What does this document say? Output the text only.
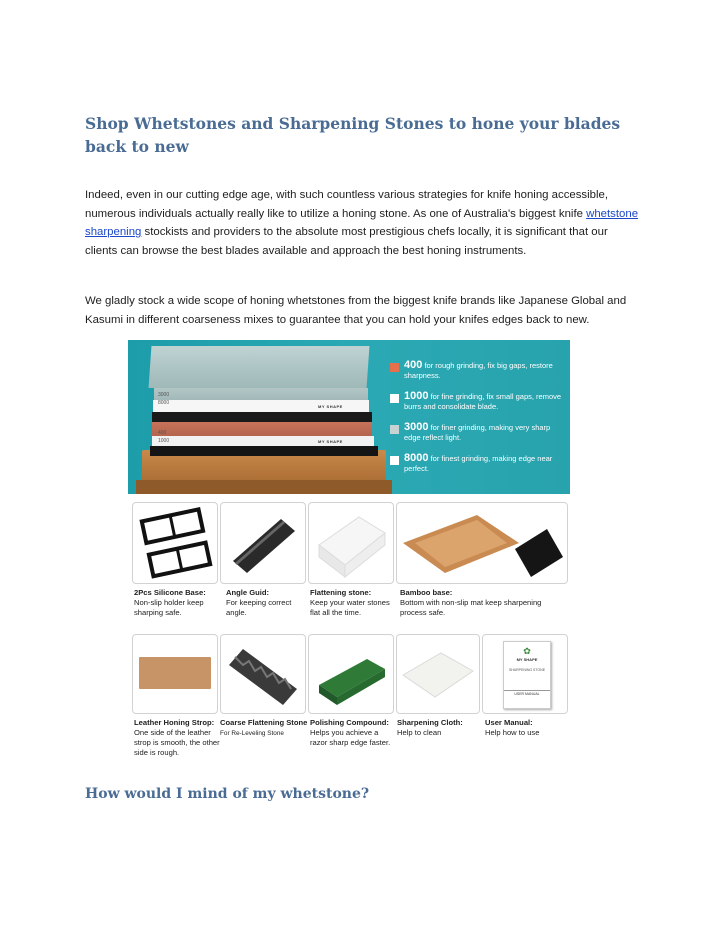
Shop Whetstones and Sharpening Stones to hone your blades back to new

Indeed, even in our cutting edge age, with such countless various strategies for knife honing accessible, numerous individuals actually really like to utilize a honing stone. As one of Australia's biggest knife whetstone sharpening stockists and providers to the absolute most prestigious chefs locally, it is significant that our clients can browse the best blades available and approach the best honing instruments.

We gladly stock a wide scope of honing whetstones from the biggest knife brands like Japanese Global and Kasumi in different coarseness mixes to guarantee that you can hold your knifes edges back to new.

3000
8000
MY SHAPE
400
1000	MY SHAPE
400 for rough grinding, fix big gaps, restore sharpness.
1000 for fine grinding, fix small gaps, remove burrs and consolidate blade.
3000 for finer grinding, making very sharp edge reflect light.
8000 for finest grinding, making edge near perfect.
2Pcs Silicone Base:
Non-slip holder keep sharping safe.
Angle Guid:
For keeping correct angle.
Flattening stone:
Keep your water stones flat all the time.
Bamboo base:
Bottom with non-slip mat keep sharpening process safe.
✿
MY SHAPE
SHARPENING STONE
USER MANUAL
Leather Honing Strop:
One side of the leather strop is smooth, the other side is rough.
Coarse Flattening Stone
For Re-Leveling Stone
Polishing Compound:
Helps you achieve a razor sharp edge faster.
Sharpening Cloth:
Help to clean
User Manual:
Help how to use
How would I mind of my whetstone?
